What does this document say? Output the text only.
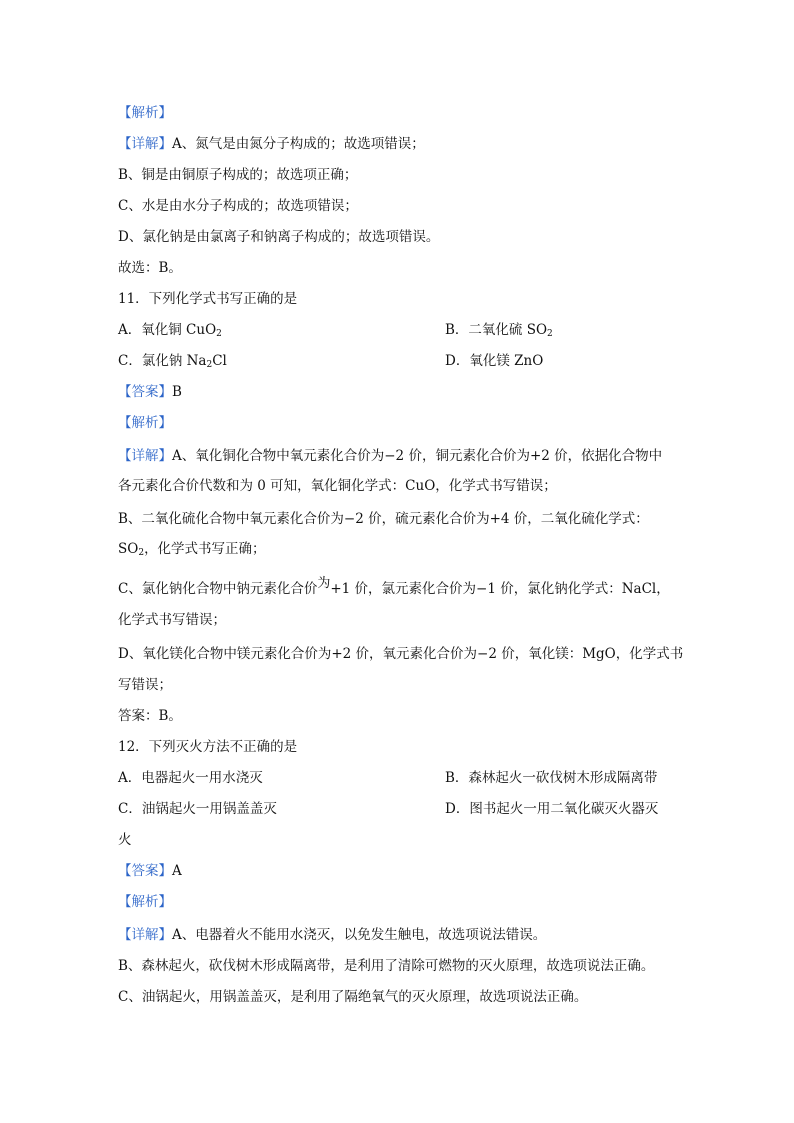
【解析】
【详解】A、氮气是由氮分子构成的；故选项错误；
B、铜是由铜原子构成的；故选项正确；
C、水是由水分子构成的；故选项错误；
D、氯化钠是由氯离子和钠离子构成的；故选项错误。
故选：B。
11．下列化学式书写正确的是
A．氧化铜 CuO$_2$	B．二氧化硫 $SO_2$
C．氯化钠 $Na_2Cl$	D．氧化镁 ZnO
【答案】B
【解析】
【详解】A、氧化铜化合物中氧元素化合价为−2 价，铜元素化合价为+2 价，依据化合物中
各元素化合价代数和为 0 可知，氧化铜化学式：CuO，化学式书写错误；
B、二氧化硫化合物中氧元素化合价为−2 价，硫元素化合价为+4 价，二氧化硫化学式：
$SO_2$，化学式书写正确；
C、氯化钠化合物中钠元素化合价为+1 价，氯元素化合价为−1 价，氯化钠化学式：NaCl，
化学式书写错误；
D、氧化镁化合物中镁元素化合价为+2 价，氧元素化合价为−2 价，氧化镁：MgO，化学式书
写错误；
答案：B。
12．下列灭火方法不正确的是
A．电器起火一用水浇灭	B．森林起火一砍伐树木形成隔离带
C．油锅起火一用锅盖盖灭	D．图书起火一用二氧化碳灭火器灭
火
【答案】A
【解析】
【详解】A、电器着火不能用水浇灭，以免发生触电，故选项说法错误。
B、森林起火，砍伐树木形成隔离带，是利用了清除可燃物的灭火原理，故选项说法正确。
C、油锅起火，用锅盖盖灭，是利用了隔绝氧气的灭火原理，故选项说法正确。
